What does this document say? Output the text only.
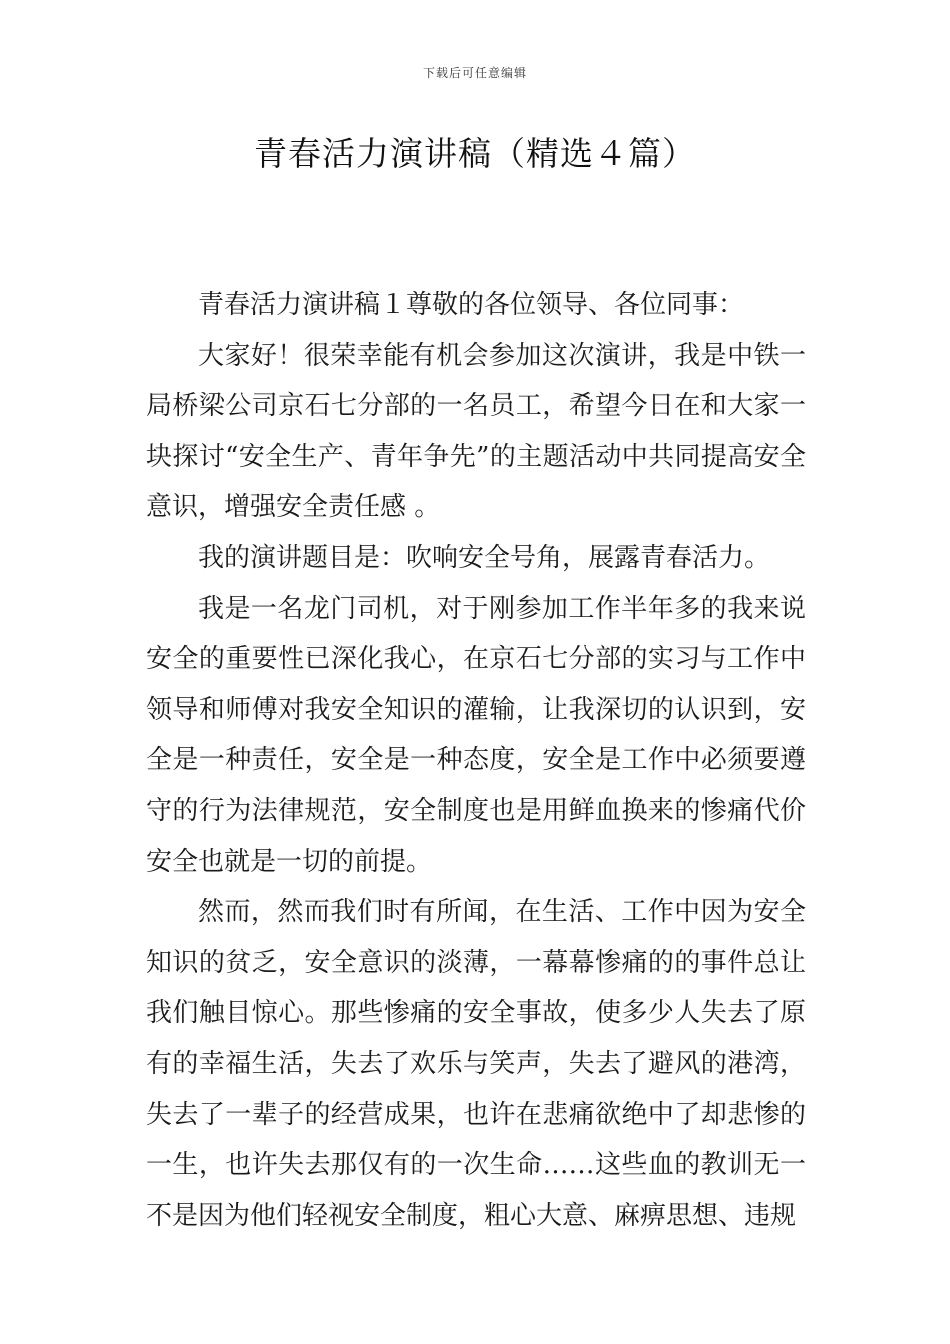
下载后可任意编辑
青春活力演讲稿（精选４篇）

青春活力演讲稿１尊敬的各位领导、各位同事：

大家好！很荣幸能有机会参加这次演讲，我是中铁一局桥梁公司京石七分部的一名员工，希望今日在和大家一块探讨“安全生产、青年争先”的主题活动中共同提高安全意识，增强安全责任感 。

我的演讲题目是：吹响安全号角，展露青春活力。

我是一名龙门司机，对于刚参加工作半年多的我来说安全的重要性已深化我心，在京石七分部的实习与工作中领导和师傅对我安全知识的灌输，让我深切的认识到，安全是一种责任，安全是一种态度，安全是工作中必须要遵守的行为法律规范，安全制度也是用鲜血换来的惨痛代价安全也就是一切的前提。

然而，然而我们时有所闻，在生活、工作中因为安全知识的贫乏，安全意识的淡薄，一幕幕惨痛的的事件总让我们触目惊心。那些惨痛的安全事故，使多少人失去了原有的幸福生活，失去了欢乐与笑声，失去了避风的港湾，失去了一辈子的经营成果，也许在悲痛欲绝中了却悲惨的一生，也许失去那仅有的一次生命……这些血的教训无一不是因为他们轻视安全制度，粗心大意、麻痹思想、违规
